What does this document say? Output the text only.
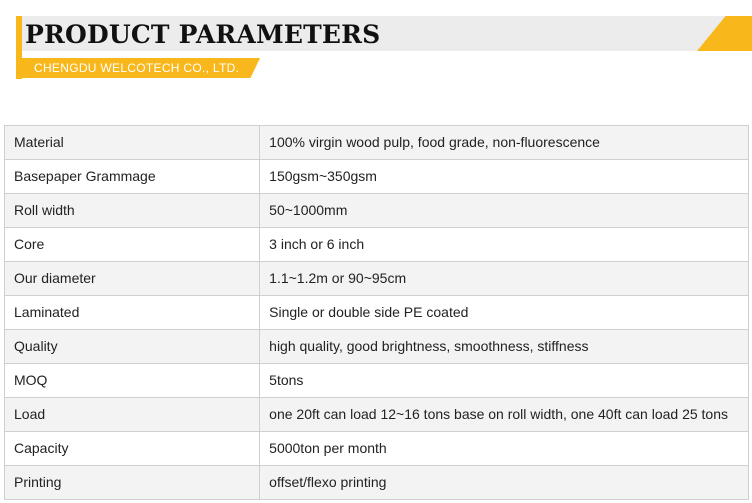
PRODUCT PARAMETERS
CHENGDU WELCOTECH CO., LTD.
Material	100% virgin wood pulp, food grade, non-fluorescence
Basepaper Grammage	150gsm~350gsm
Roll width	50~1000mm
Core	3 inch or 6 inch
Our diameter	1.1~1.2m or 90~95cm
Laminated	Single or double side PE coated
Quality	high quality, good brightness, smoothness, stiffness
MOQ	5tons
Load	one 20ft can load 12~16 tons base on roll width, one 40ft can load 25 tons
Capacity	5000ton per month
Printing	offset/flexo printing
